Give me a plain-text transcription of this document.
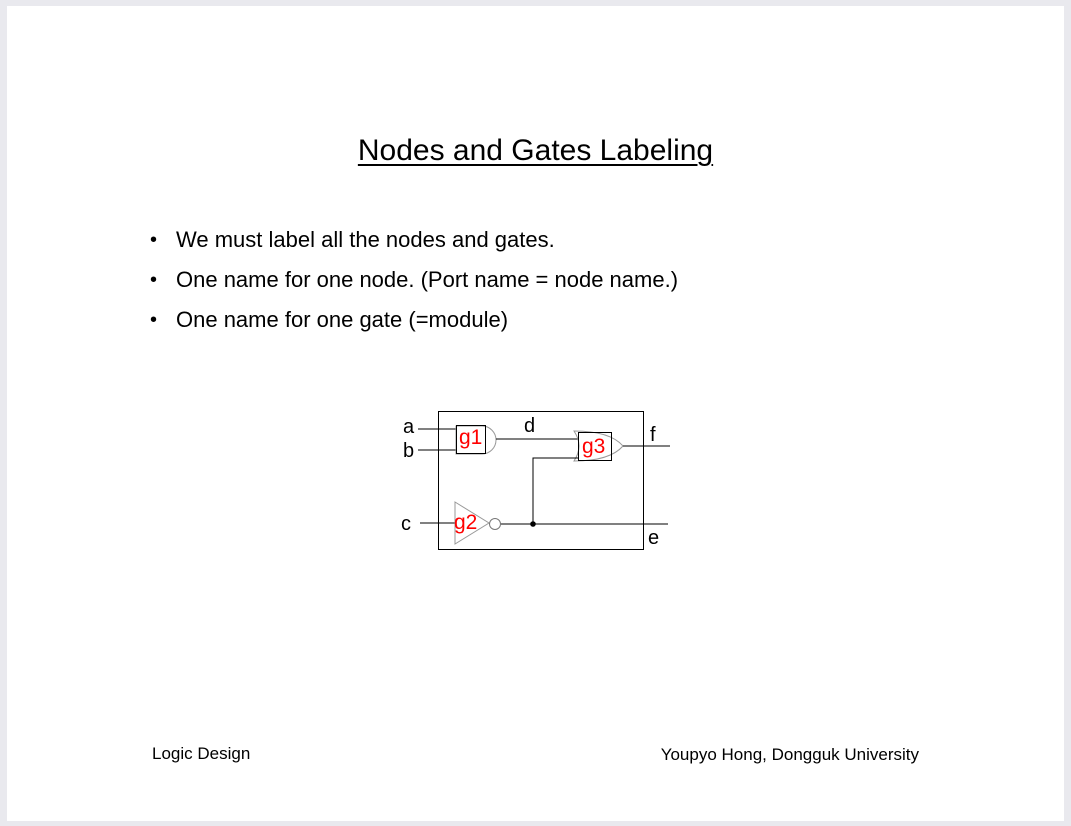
Nodes and Gates Labeling
• We must label all the nodes and gates.
• One name for one node. (Port name = node name.)
• One name for one gate (=module)
a
b
c
d	f
e
g1
g2
g3
Logic Design	Youpyo Hong, Dongguk University
